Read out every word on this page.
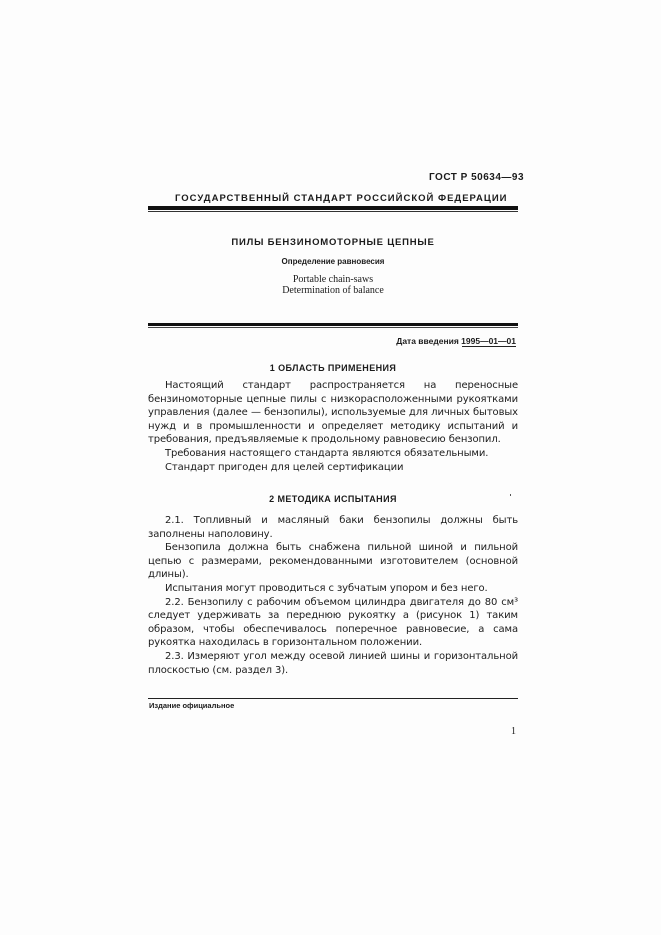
ГОСТ Р 50634—93
ГОСУДАРСТВЕННЫЙ СТАНДАРТ РОССИЙСКОЙ ФЕДЕРАЦИИ
ПИЛЫ БЕНЗИНОМОТОРНЫЕ ЦЕПНЫЕ
Определение равновесия
Portable chain-saws
Determination of balance
Дата введения 1995—01—01
1 ОБЛАСТЬ ПРИМЕНЕНИЯ

Настоящий стандарт распространяется на переносные бензиномоторные цепные пилы с низкорасположенными рукоятками управления (далее — бензопилы), используемые для личных бытовых нужд и в промышленности и определяет методику испытаний и требования, предъявляемые к продольному равновесию бензопил.

Требования настоящего стандарта являются обязательными.

Стандарт пригоден для целей сертификации

2 МЕТОДИКА ИСПЫТАНИЯ

2.1. Топливный и масляный баки бензопилы должны быть заполнены наполовину.

Бензопила должна быть снабжена пильной шиной и пильной цепью с размерами, рекомендованными изготовителем (основной длины).

Испытания могут проводиться с зубчатым упором и без него.

2.2. Бензопилу с рабочим объемом цилиндра двигателя до 80 см³ следует удерживать за переднюю рукоятку а (рисунок 1) таким образом, чтобы обеспечивалось поперечное равновесие, а сама рукоятка находилась в горизонтальном положении.

2.3. Измеряют угол между осевой линией шины и горизонтальной плоскостью (см. раздел 3).

Издание официальное
1
